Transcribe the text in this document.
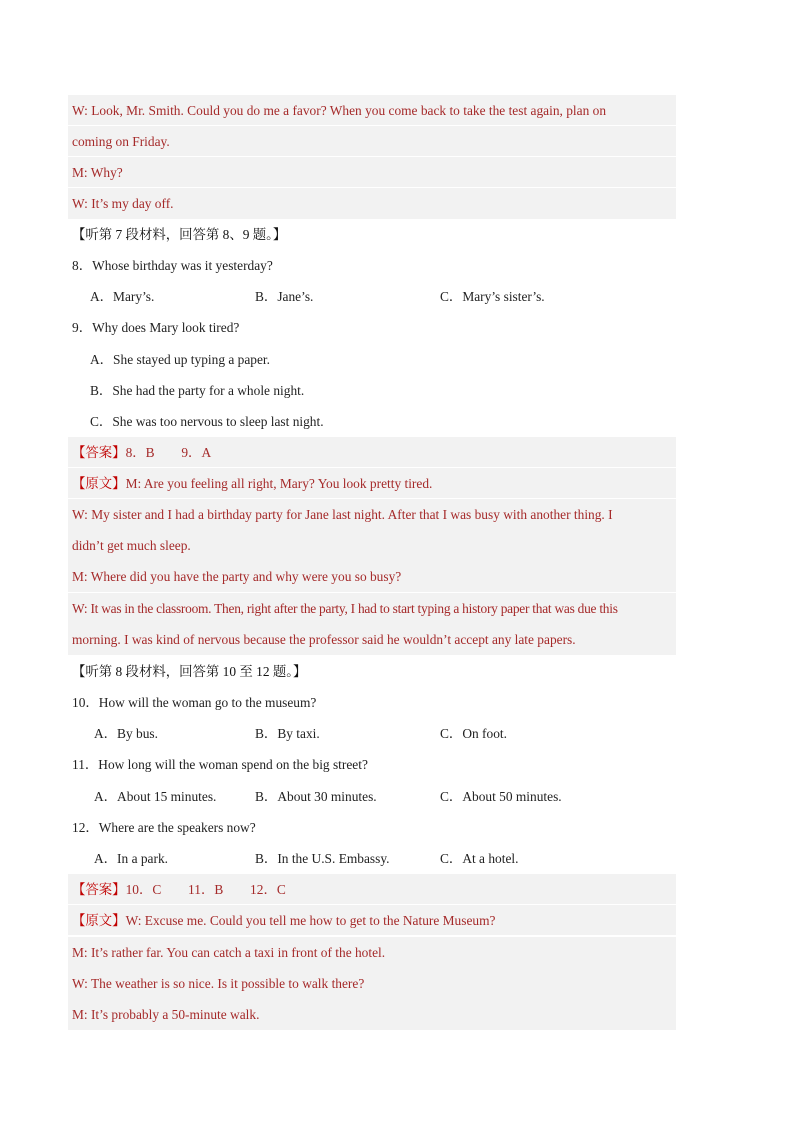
W: Look, Mr. Smith. Could you do me a favor? When you come back to take the test again, plan on
coming on Friday.
M: Why?
W: It’s my day off.
【听第 7 段材料，回答第 8、9 题。】
8．Whose birthday was it yesterday?
A．Mary’s.	B．Jane’s.	C．Mary’s sister’s.
9．Why does Mary look tired?
A．She stayed up typing a paper.
B．She had the party for a whole night.
C．She was too nervous to sleep last night.
【答案】8．B        9．A
【原文】M: Are you feeling all right, Mary? You look pretty tired.
W: My sister and I had a birthday party for Jane last night. After that I was busy with another thing. I
didn’t get much sleep.
M: Where did you have the party and why were you so busy?
W: It was in the classroom. Then, right after the party, I had to start typing a history paper that was due this
morning. I was kind of nervous because the professor said he wouldn’t accept any late papers.
【听第 8 段材料，回答第 10 至 12 题。】
10．How will the woman go to the museum?
A．By bus.	B．By taxi.	C．On foot.
11．How long will the woman spend on the big street?
A．About 15 minutes.	B．About 30 minutes.	C．About 50 minutes.
12．Where are the speakers now?
A．In a park.	B．In the U.S. Embassy.	C．At a hotel.
【答案】10．C        11．B        12．C
【原文】W: Excuse me. Could you tell me how to get to the Nature Museum?
M: It’s rather far. You can catch a taxi in front of the hotel.
W: The weather is so nice. Is it possible to walk there?
M: It’s probably a 50-minute walk.
